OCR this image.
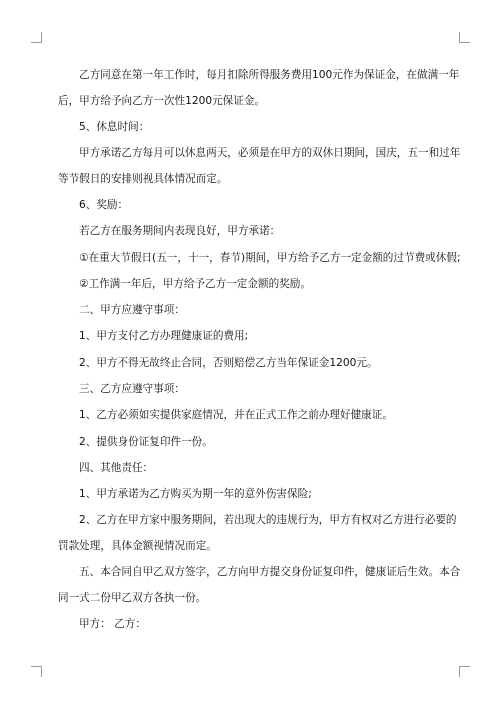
乙方同意在第一年工作时，每月扣除所得服务费用100元作为保证金，在做满一年后，甲方给予向乙方一次性1200元保证金。

5、休息时间：

甲方承诺乙方每月可以休息两天，必须是在甲方的双休日期间，国庆，五一和过年等节假日的安排则视具体情况而定。

6、奖励：

若乙方在服务期间内表现良好，甲方承诺：

①在重大节假日(五一，十一，春节)期间，甲方给予乙方一定金额的过节费或休假;

②工作满一年后，甲方给予乙方一定金额的奖励。

二、甲方应遵守事项：

1、甲方支付乙方办理健康证的费用;

2、甲方不得无故终止合同，否则赔偿乙方当年保证金1200元。

三、乙方应遵守事项：

1、乙方必须如实提供家庭情况，并在正式工作之前办理好健康证。

2、提供身份证复印件一份。

四、其他责任：

1、甲方承诺为乙方购买为期一年的意外伤害保险;

2、乙方在甲方家中服务期间，若出现大的违规行为，甲方有权对乙方进行必要的罚款处理，具体金额视情况而定。

五、本合同自甲乙双方签字，乙方向甲方提交身份证复印件，健康证后生效。本合同一式二份甲乙双方各执一份。

甲方： 乙方：
